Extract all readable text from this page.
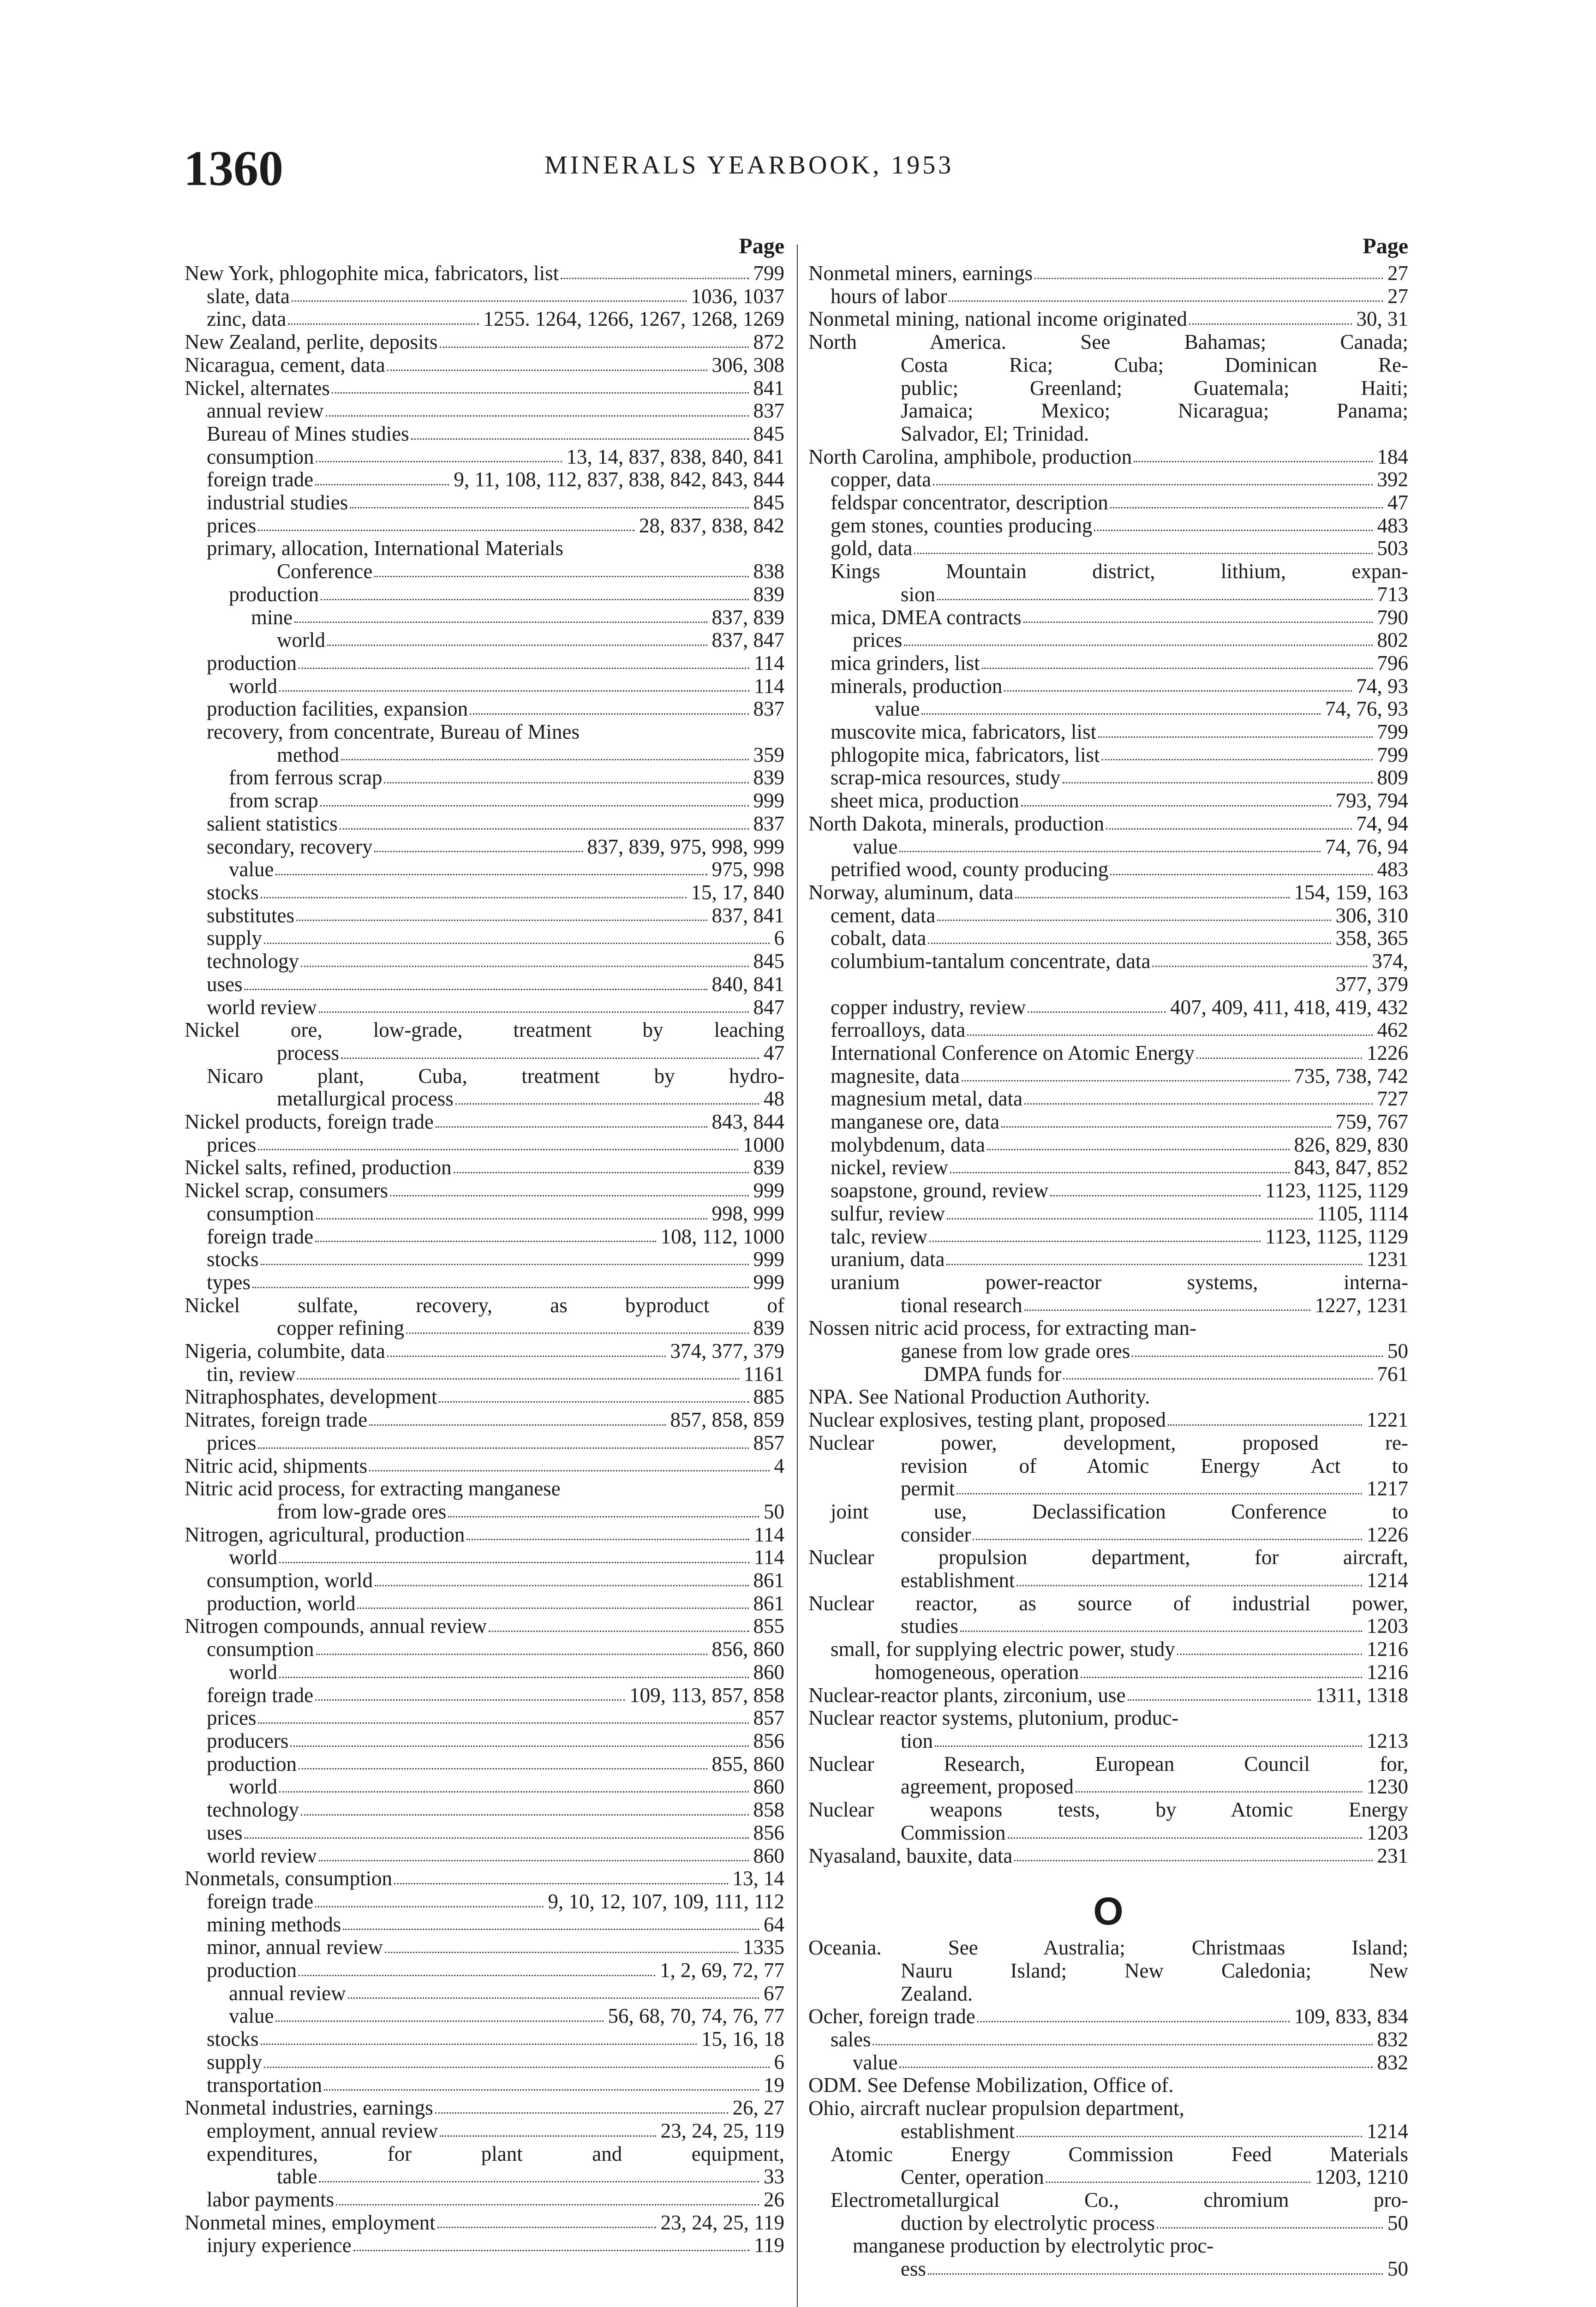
1360	MINERALS YEARBOOK, 1953
Page
New York, phlogophite mica, fabricators, list	799
slate, data	1036, 1037
zinc, data	1255. 1264, 1266, 1267, 1268, 1269
New Zealand, perlite, deposits	872
Nicaragua, cement, data	306, 308
Nickel, alternates	841
annual review	837
Bureau of Mines studies	845
consumption	13, 14, 837, 838, 840, 841
foreign trade	9, 11, 108, 112, 837, 838, 842, 843, 844
industrial studies	845
prices	28, 837, 838, 842
primary, allocation, International Materials
Conference	838
production	839
mine	837, 839
world	837, 847
production	114
world	114
production facilities, expansion	837
recovery, from concentrate, Bureau of Mines
method	359
from ferrous scrap	839
from scrap	999
salient statistics	837
secondary, recovery	837, 839, 975, 998, 999
value	975, 998
stocks	15, 17, 840
substitutes	837, 841
supply	6
technology	845
uses	840, 841
world review	847
Nickel ore, low-grade, treatment by leaching
process	47
Nicaro plant, Cuba, treatment by hydro-
metallurgical process	48
Nickel products, foreign trade	843, 844
prices	1000
Nickel salts, refined, production	839
Nickel scrap, consumers	999
consumption	998, 999
foreign trade	108, 112, 1000
stocks	999
types	999
Nickel sulfate, recovery, as byproduct of
copper refining	839
Nigeria, columbite, data	374, 377, 379
tin, review	1161
Nitraphosphates, development	885
Nitrates, foreign trade	857, 858, 859
prices	857
Nitric acid, shipments	4
Nitric acid process, for extracting manganese
from low-grade ores	50
Nitrogen, agricultural, production	114
world	114
consumption, world	861
production, world	861
Nitrogen compounds, annual review	855
consumption	856, 860
world	860
foreign trade	109, 113, 857, 858
prices	857
producers	856
production	855, 860
world	860
technology	858
uses	856
world review	860
Nonmetals, consumption	13, 14
foreign trade	9, 10, 12, 107, 109, 111, 112
mining methods	64
minor, annual review	1335
production	1, 2, 69, 72, 77
annual review	67
value	56, 68, 70, 74, 76, 77
stocks	15, 16, 18
supply	6
transportation	19
Nonmetal industries, earnings	26, 27
employment, annual review	23, 24, 25, 119
expenditures, for plant and equipment,
table	33
labor payments	26
Nonmetal mines, employment	23, 24, 25, 119
injury experience	119
Page
Nonmetal miners, earnings	27
hours of labor	27
Nonmetal mining, national income originated	30, 31
North America. See Bahamas; Canada;
Costa Rica; Cuba; Dominican Re-
public; Greenland; Guatemala; Haiti;
Jamaica; Mexico; Nicaragua; Panama;
Salvador, El; Trinidad.
North Carolina, amphibole, production	184
copper, data	392
feldspar concentrator, description	47
gem stones, counties producing	483
gold, data	503
Kings Mountain district, lithium, expan-
sion	713
mica, DMEA contracts	790
prices	802
mica grinders, list	796
minerals, production	74, 93
value	74, 76, 93
muscovite mica, fabricators, list	799
phlogopite mica, fabricators, list	799
scrap-mica resources, study	809
sheet mica, production	793, 794
North Dakota, minerals, production	74, 94
value	74, 76, 94
petrified wood, county producing	483
Norway, aluminum, data	154, 159, 163
cement, data	306, 310
cobalt, data	358, 365
columbium-tantalum concentrate, data	374,
377, 379
copper industry, review	407, 409, 411, 418, 419, 432
ferroalloys, data	462
International Conference on Atomic Energy	1226
magnesite, data	735, 738, 742
magnesium metal, data	727
manganese ore, data	759, 767
molybdenum, data	826, 829, 830
nickel, review	843, 847, 852
soapstone, ground, review	1123, 1125, 1129
sulfur, review	1105, 1114
talc, review	1123, 1125, 1129
uranium, data	1231
uranium power-reactor systems, interna-
tional research	1227, 1231
Nossen nitric acid process, for extracting man-
ganese from low grade ores	50
DMPA funds for	761
NPA. See National Production Authority.
Nuclear explosives, testing plant, proposed	1221
Nuclear power, development, proposed re-
revision of Atomic Energy Act to
permit	1217
joint use, Declassification Conference to
consider	1226
Nuclear propulsion department, for aircraft,
establishment	1214
Nuclear reactor, as source of industrial power,
studies	1203
small, for supplying electric power, study	1216
homogeneous, operation	1216
Nuclear-reactor plants, zirconium, use	1311, 1318
Nuclear reactor systems, plutonium, produc-
tion	1213
Nuclear Research, European Council for,
agreement, proposed	1230
Nuclear weapons tests, by Atomic Energy
Commission	1203
Nyasaland, bauxite, data	231
O
Oceania. See Australia; Christmaas Island;
Nauru Island; New Caledonia; New
Zealand.
Ocher, foreign trade	109, 833, 834
sales	832
value	832
ODM. See Defense Mobilization, Office of.
Ohio, aircraft nuclear propulsion department,
establishment	1214
Atomic Energy Commission Feed Materials
Center, operation	1203, 1210
Electrometallurgical Co., chromium pro-
duction by electrolytic process	50
manganese production by electrolytic proc-
ess	50
